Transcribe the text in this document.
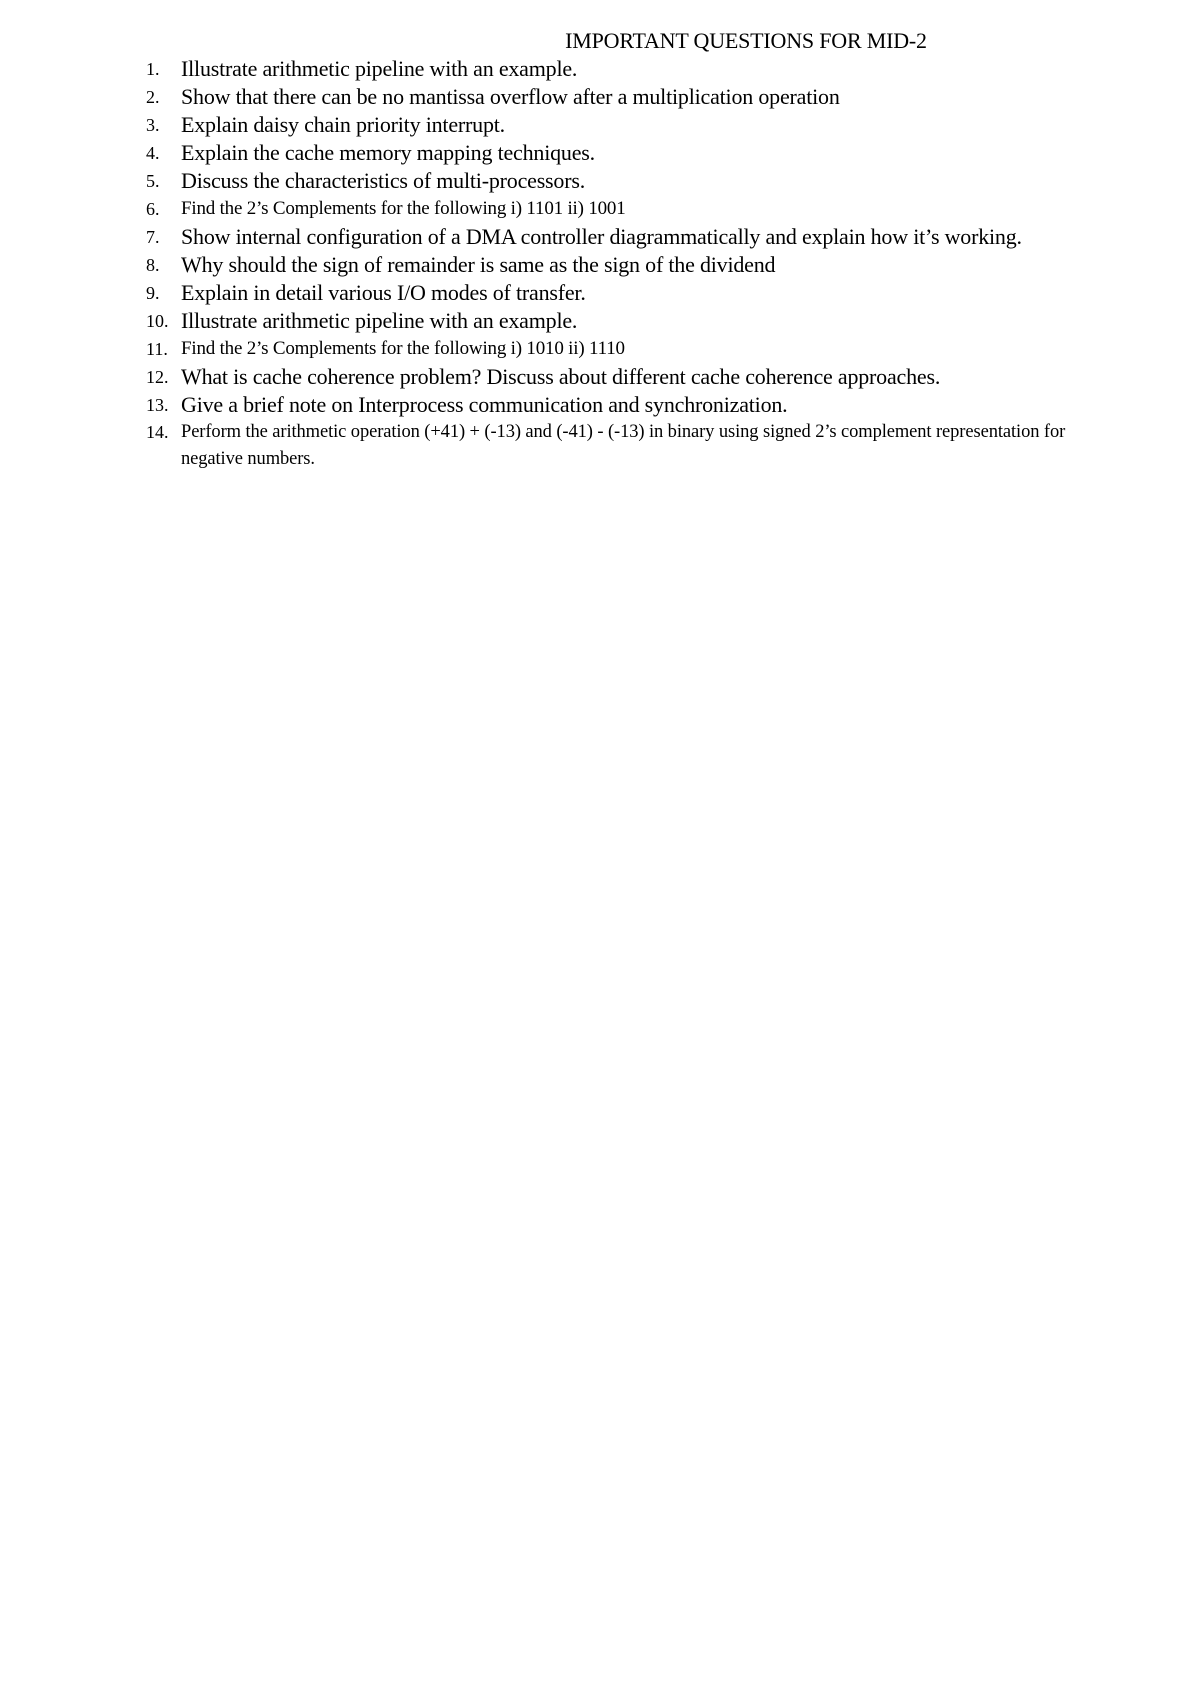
IMPORTANT QUESTIONS FOR MID-2
1. Illustrate arithmetic pipeline with an example.
2. Show that there can be no mantissa overflow after a multiplication operation
3. Explain daisy chain priority interrupt.
4. Explain the cache memory mapping techniques.
5. Discuss the characteristics of multi-processors.
6. Find the 2’s Complements for the following i) 1101 ii) 1001
7. Show internal configuration of a DMA controller diagrammatically and explain how it’s working.
8. Why should the sign of remainder is same as the sign of the dividend
9. Explain in detail various I/O modes of transfer.
10. Illustrate arithmetic pipeline with an example.
11. Find the 2’s Complements for the following i) 1010 ii) 1110
12. What is cache coherence problem? Discuss about different cache coherence approaches.
13. Give a brief note on Interprocess communication and synchronization.
14. Perform the arithmetic operation (+41) + (-13) and (-41) - (-13) in binary using signed 2’s complement representation for negative numbers.
